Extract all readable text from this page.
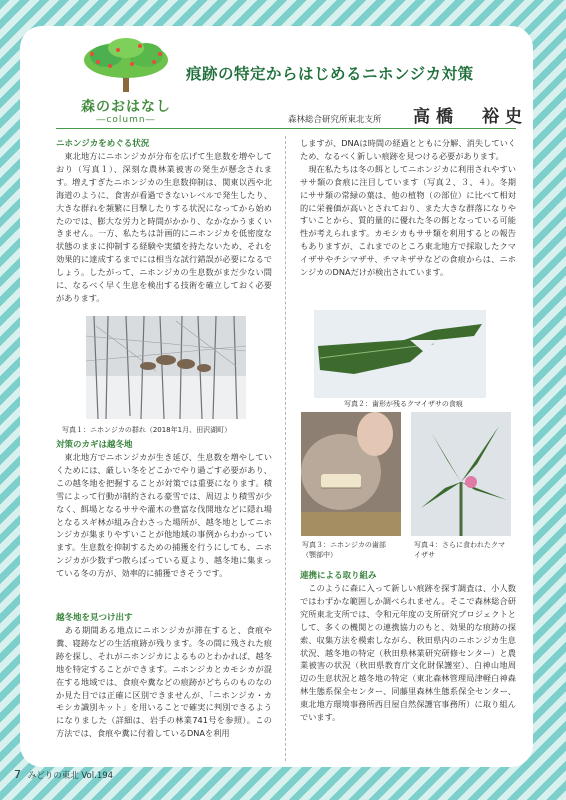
森のおはなし
―column―
痕跡の特定からはじめるニホンジカ対策
森林総合研究所東北支所 高橋　裕史
ニホンジカをめぐる状況

　東北地方にニホンジカが分布を広げて生息数を増やしており（写真１）、深刻な農林業被害の発生が懸念されます。増えすぎたニホンジカの生息数抑制は、関東以西や北海道のように、食害が看過できないレベルで発生したり、大きな群れを頻繁に目撃したりする状況になってから始めたのでは、膨大な労力と時間がかかり、なかなかうまくいきません。一方、私たちは計画的にニホンジカを低密度な状態のままに抑制する経験や実績を持たないため、それを効果的に達成するまでには相当な試行錯誤が必要になるでしょう。したがって、ニホンジカの生息数がまだ少ない間に、なるべく早く生息を検出する技術を確立しておく必要があります。

写真１：ニホンジカの群れ（2018年1月、田沢湖町）
対策のカギは越冬地

　東北地方でニホンジカが生き延び、生息数を増やしていくためには、厳しい冬をどこかでやり過ごす必要があり、この越冬地を把握することが対策では重要になります。積雪によって行動が制約される豪雪では、周辺より積雪が少なく、餌場となるササや灌木の豊富な伐開地などに隠れ場となるスギ林が組み合わさった場所が、越冬地としてニホンジカが集まりやすいことが他地域の事例からわかっています。生息数を抑制するための捕獲を行うにしても、ニホンジカが少数ずつ散らばっている夏より、越冬地に集まっている冬の方が、効率的に捕獲できそうです。

越冬地を見つけ出す

　ある期間ある地点にニホンジカが滞在すると、食痕や糞、寝跡などの生活痕跡が残ります。冬の間に残された痕跡を探し、それがニホンジカによるものとわかれば、越冬地を特定することができます。ニホンジカとカモシカが混在する地域では、食痕や糞などの痕跡がどちらのものなのか見た目では正確に区別できませんが、「ニホンジカ・カモシカ識別キット」を用いることで確実に判別できるようになりました（詳細は、岩手の林業741号を参照）。この方法では、食痕や糞に付着しているDNAを利用

しますが、DNAは時間の経過とともに分解、消失していくため、なるべく新しい痕跡を見つける必要があります。
　現在私たちは冬の餌としてニホンジカに利用されやすいササ類の食痕に注目しています（写真２、３、４）。冬期にササ類の常緑の葉は、他の植物（の部位）に比べて相対的に栄養価が高いとされており、また大きな群落になりやすいことから、質的量的に優れた冬の餌となっている可能性が考えられます。カモシカもササ類を利用するとの報告もありますが、これまでのところ東北地方で採取したクマイザサやチシマザサ、チマキザサなどの食痕からは、ニホンジカのDNAだけが検出されています。

写真２：歯形が残るクマイザサの食痕
写真３：ニホンジカの歯部
（顎部中）
写真４：さらに食われたクマ
イザサ
連携による取り組み

　このように森に入って新しい痕跡を探す調査は、小人数ではわずかな範囲しか調べられません。そこで森林総合研究所東北支所では、令和元年度の支所研究プロジェクトとして、多くの機関との連携協力のもと、効果的な痕跡の探索、収集方法を模索しながら、秋田県内のニホンジカ生息状況、越冬地の特定（秋田県林業研究研修センター）と農業被害の状況（秋田県教育庁文化財保護室）、白神山地周辺の生息状況と越冬地の特定（東北森林管理局津軽白神森林生態系保全センター、同藤里森林生態系保全センター、東北地方環境事務所西目屋自然保護官事務所）に取り組んでいます。

7 みどりの東北 Vol.194
